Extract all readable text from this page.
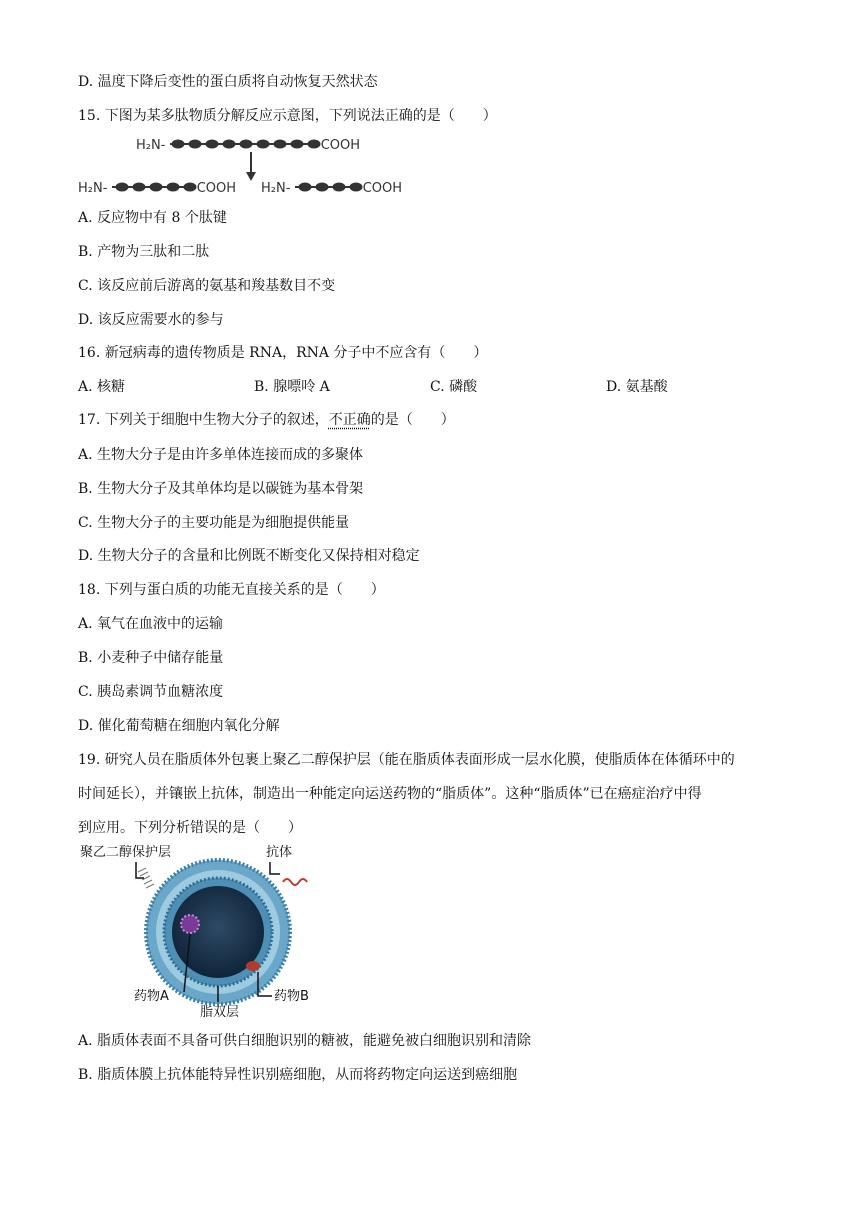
D. 温度下降后变性的蛋白质将自动恢复天然状态
15. 下图为某多肽物质分解反应示意图，下列说法正确的是（　　）
H₂N-	-COOH
H₂N-	-COOH H₂N-	-COOH
A. 反应物中有 8 个肽键
B. 产物为三肽和二肽
C. 该反应前后游离的氨基和羧基数目不变
D. 该反应需要水的参与
16. 新冠病毒的遗传物质是 RNA，RNA 分子中不应含有（　　）
A. 核糖	B. 腺嘌呤 A	C. 磷酸	D. 氨基酸
17. 下列关于细胞中生物大分子的叙述，不正确的是（　　）
A. 生物大分子是由许多单体连接而成的多聚体
B. 生物大分子及其单体均是以碳链为基本骨架
C. 生物大分子的主要功能是为细胞提供能量
D. 生物大分子的含量和比例既不断变化又保持相对稳定
18. 下列与蛋白质的功能无直接关系的是（　　）
A. 氧气在血液中的运输
B. 小麦种子中储存能量
C. 胰岛素调节血糖浓度
D. 催化葡萄糖在细胞内氧化分解
19. 研究人员在脂质体外包裹上聚乙二醇保护层（能在脂质体表面形成一层水化膜，使脂质体在体循环中的
时间延长），并镶嵌上抗体，制造出一种能定向运送药物的“脂质体”。这种“脂质体”已在癌症治疗中得
到应用。下列分析错误的是（　　）
聚乙二醇保护层	抗体
药物A
脂双层
药物B
A. 脂质体表面不具备可供白细胞识别的糖被，能避免被白细胞识别和清除
B. 脂质体膜上抗体能特异性识别癌细胞，从而将药物定向运送到癌细胞
